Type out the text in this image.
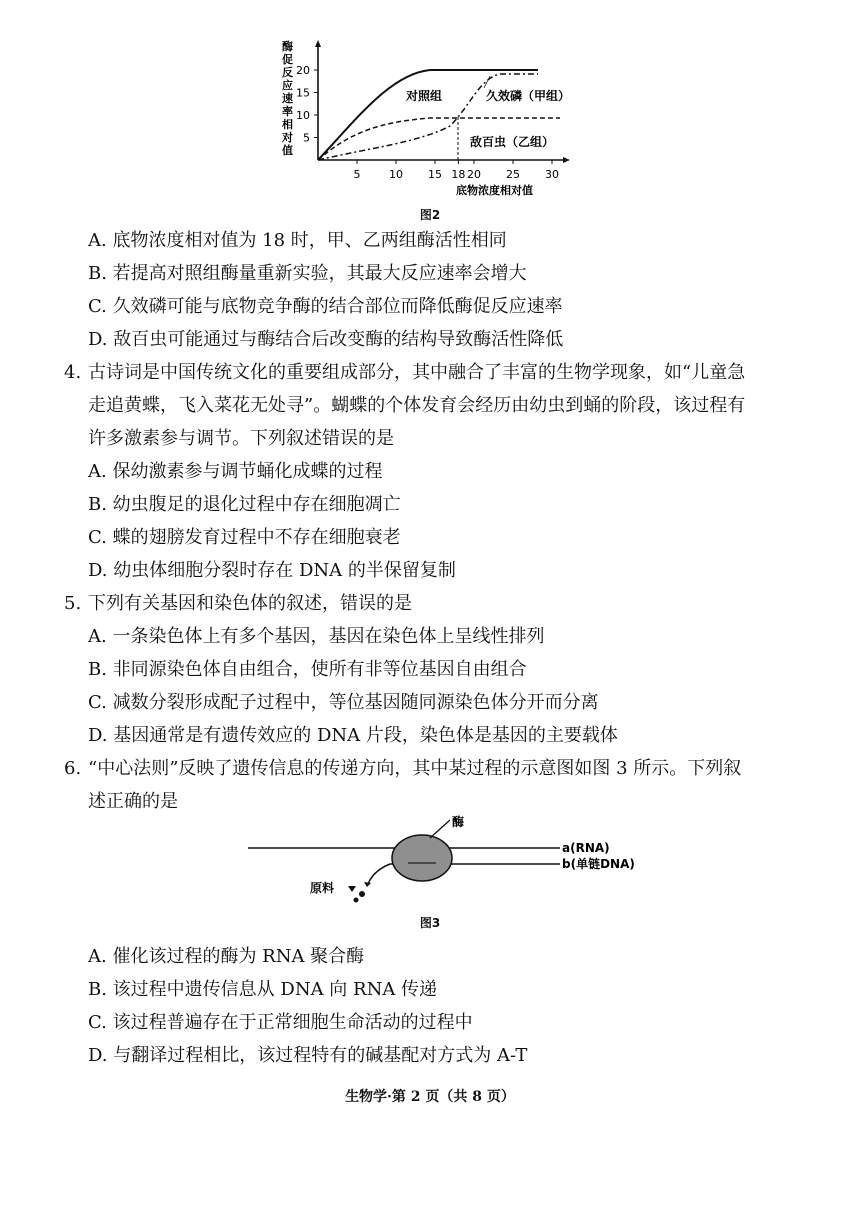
酶促反应速率相对值
20
15
10
5
5	10 15 18 20 25 30
对照组	久效磷（甲组）
敌百虫（乙组）
底物浓度相对值
图2
A. 底物浓度相对值为 18 时，甲、乙两组酶活性相同
B. 若提高对照组酶量重新实验，其最大反应速率会增大
C. 久效磷可能与底物竞争酶的结合部位而降低酶促反应速率
D. 敌百虫可能通过与酶结合后改变酶的结构导致酶活性降低
4. 古诗词是中国传统文化的重要组成部分，其中融合了丰富的生物学现象，如“儿童急
走追黄蝶，飞入菜花无处寻”。蝴蝶的个体发育会经历由幼虫到蛹的阶段，该过程有
许多激素参与调节。下列叙述错误的是
A. 保幼激素参与调节蛹化成蝶的过程
B. 幼虫腹足的退化过程中存在细胞凋亡
C. 蝶的翅膀发育过程中不存在细胞衰老
D. 幼虫体细胞分裂时存在 DNA 的半保留复制
5. 下列有关基因和染色体的叙述，错误的是
A. 一条染色体上有多个基因，基因在染色体上呈线性排列
B. 非同源染色体自由组合，使所有非等位基因自由组合
C. 减数分裂形成配子过程中，等位基因随同源染色体分开而分离
D. 基因通常是有遗传效应的 DNA 片段，染色体是基因的主要载体
6. “中心法则”反映了遗传信息的传递方向，其中某过程的示意图如图 3 所示。下列叙
述正确的是
酶
a(RNA)
b(单链DNA)
原料
图3
A. 催化该过程的酶为 RNA 聚合酶
B. 该过程中遗传信息从 DNA 向 RNA 传递
C. 该过程普遍存在于正常细胞生命活动的过程中
D. 与翻译过程相比，该过程特有的碱基配对方式为 A-T
生物学·第 2 页（共 8 页）
